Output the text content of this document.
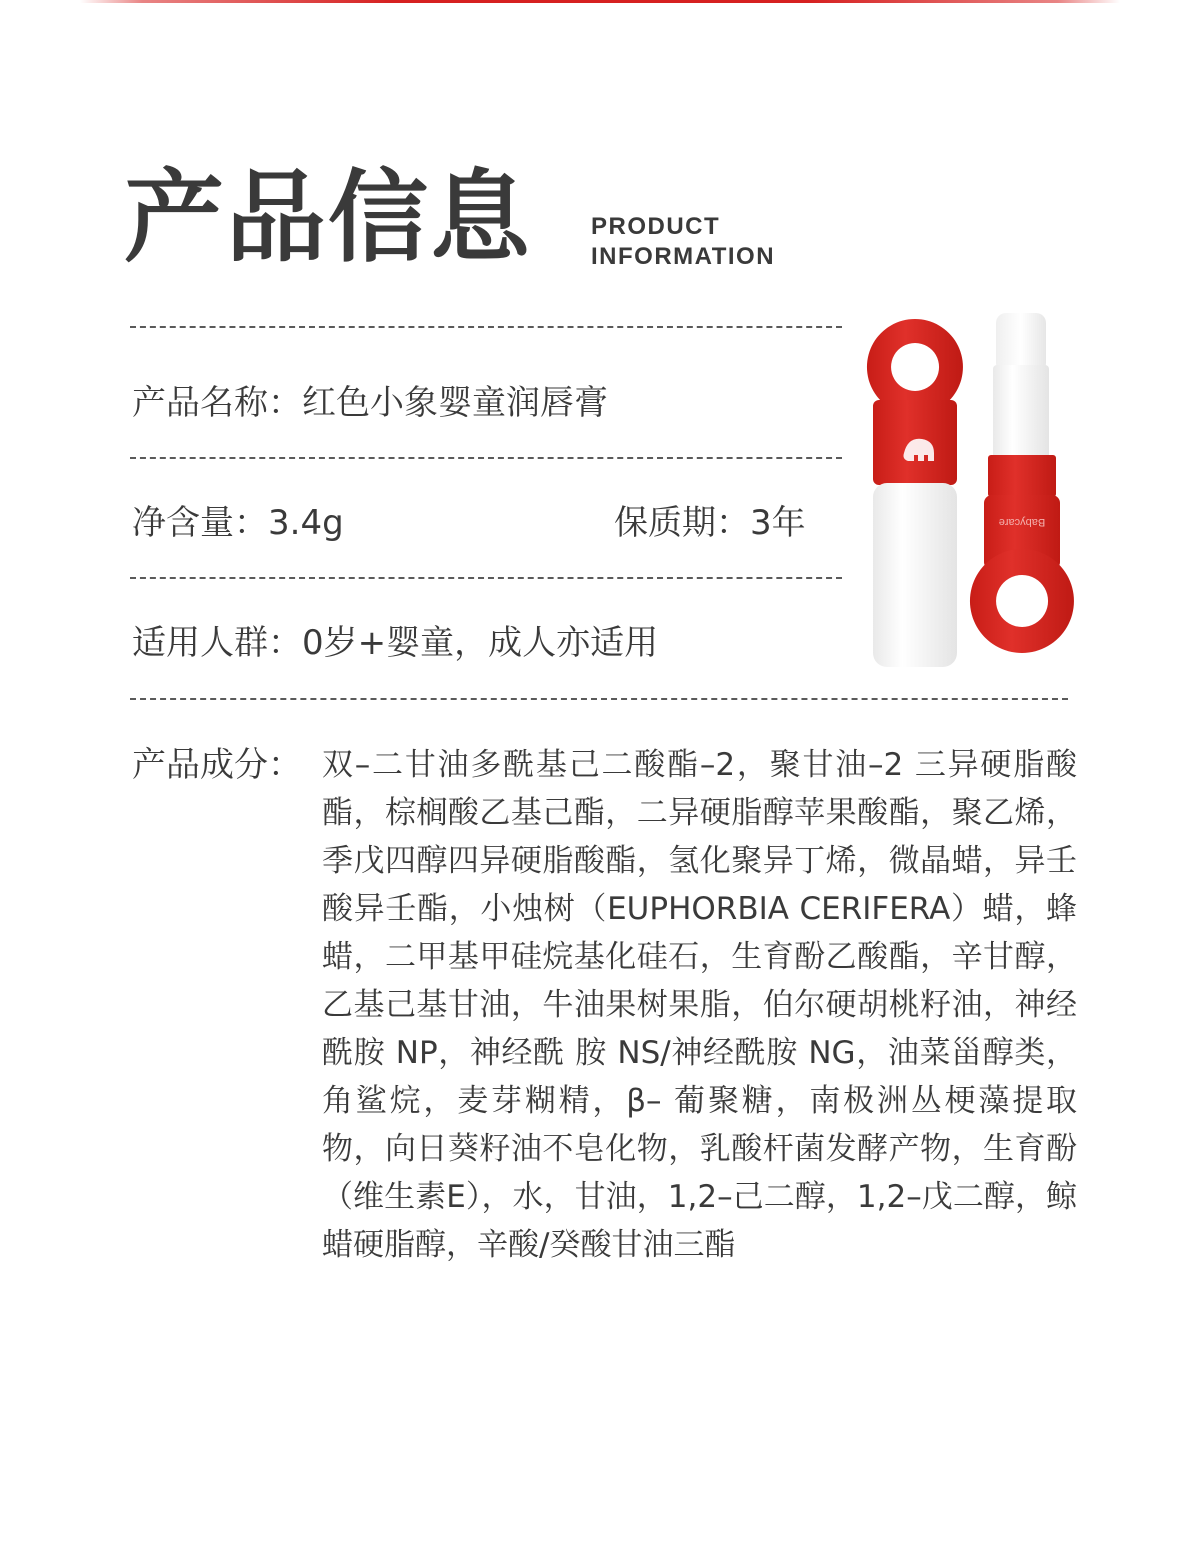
产品信息 PRODUCT
INFORMATION
产品名称：红色小象婴童润唇膏
净含量：3.4g	保质期：3年
适用人群：0岁+婴童，成人亦适用
产品成分： 双–二甘油多酰基己二酸酯–2，聚甘油–2 三异硬脂酸酯，棕榈酸乙基己酯，二异硬脂醇苹果酸酯，聚乙烯，季戊四醇四异硬脂酸酯，氢化聚异丁烯，微晶蜡，异壬酸异壬酯，小烛树（EUPHORBIA CERIFERA）蜡，蜂蜡，二甲基甲硅烷基化硅石，生育酚乙酸酯，辛甘醇，乙基己基甘油，牛油果树果脂，伯尔硬胡桃籽油，神经酰胺 NP，神经酰 胺 NS/神经酰胺 NG，油菜甾醇类，角鲨烷，麦芽糊精，β– 葡聚糖，南极洲丛梗藻提取物，向日葵籽油不皂化物，乳酸杆菌发酵产物，生育酚（维生素E），水，甘油，1,2–己二醇，1,2–戊二醇，鲸蜡硬脂醇，辛酸/癸酸甘油三酯
Babycare
